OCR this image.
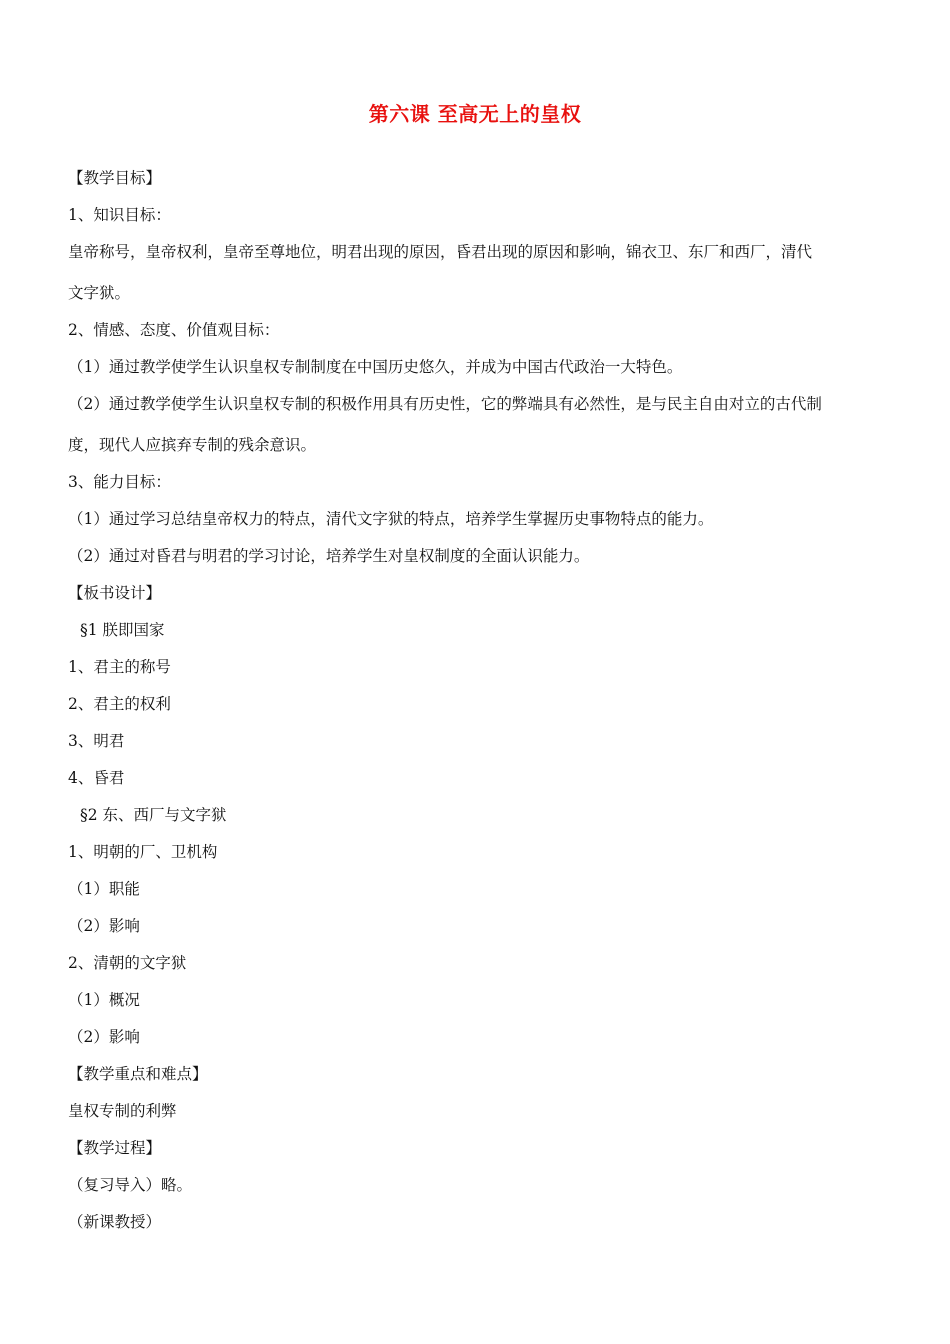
第六课 至高无上的皇权
【教学目标】
1、知识目标：
皇帝称号，皇帝权利，皇帝至尊地位，明君出现的原因，昏君出现的原因和影响，锦衣卫、东厂和西厂，清代
文字狱。
2、情感、态度、价值观目标：
（1）通过教学使学生认识皇权专制制度在中国历史悠久，并成为中国古代政治一大特色。
（2）通过教学使学生认识皇权专制的积极作用具有历史性，它的弊端具有必然性，是与民主自由对立的古代制
度，现代人应摈弃专制的残余意识。
3、能力目标：
（1）通过学习总结皇帝权力的特点，清代文字狱的特点，培养学生掌握历史事物特点的能力。
（2）通过对昏君与明君的学习讨论，培养学生对皇权制度的全面认识能力。
【板书设计】
§1 朕即国家
1、君主的称号
2、君主的权利
3、明君
4、昏君
§2 东、西厂与文字狱
1、明朝的厂、卫机构
（1）职能
（2）影响
2、清朝的文字狱
（1）概况
（2）影响
【教学重点和难点】
皇权专制的利弊
【教学过程】
（复习导入）略。
（新课教授）
